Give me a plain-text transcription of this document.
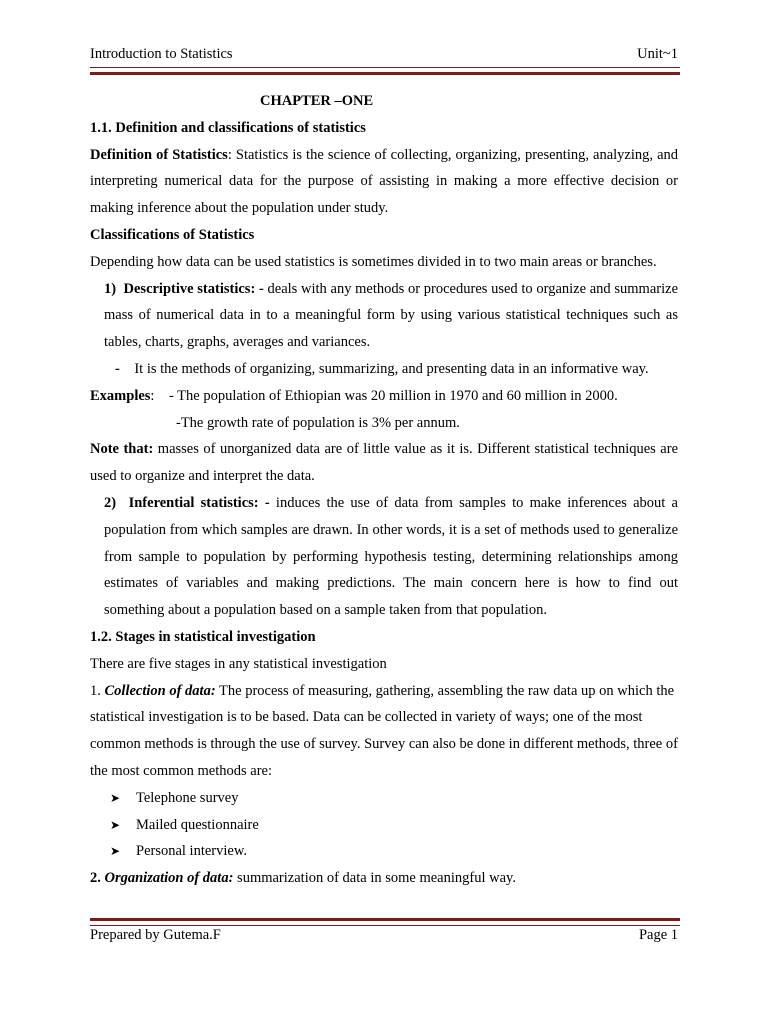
Introduction to Statistics	Unit~1

CHAPTER –ONE

1.1. Definition and classifications of statistics

Definition of Statistics: Statistics is the science of collecting, organizing, presenting, analyzing, and interpreting numerical data for the purpose of assisting in making a more effective decision or making inference about the population under study.

Classifications of Statistics

Depending how data can be used statistics is sometimes divided in to two main areas or branches.

1) Descriptive statistics: - deals with any methods or procedures used to organize and summarize mass of numerical data in to a meaningful form by using various statistical techniques such as tables, charts, graphs, averages and variances.

- It is the methods of organizing, summarizing, and presenting data in an informative way.

Examples: - The population of Ethiopian was 20 million in 1970 and 60 million in 2000.

-The growth rate of population is 3% per annum.

Note that: masses of unorganized data are of little value as it is. Different statistical techniques are used to organize and interpret the data.

2) Inferential statistics: - induces the use of data from samples to make inferences about a population from which samples are drawn. In other words, it is a set of methods used to generalize from sample to population by performing hypothesis testing, determining relationships among estimates of variables and making predictions. The main concern here is how to find out something about a population based on a sample taken from that population.

1.2. Stages in statistical investigation

There are five stages in any statistical investigation

1. Collection of data: The process of measuring, gathering, assembling the raw data up on which the statistical investigation is to be based. Data can be collected in variety of ways; one of the most common methods is through the use of survey. Survey can also be done in different methods, three of the most common methods are:

➤	Telephone survey
➤	Mailed questionnaire
➤	Personal interview.

2. Organization of data: summarization of data in some meaningful way.

Prepared by Gutema.F	Page 1
